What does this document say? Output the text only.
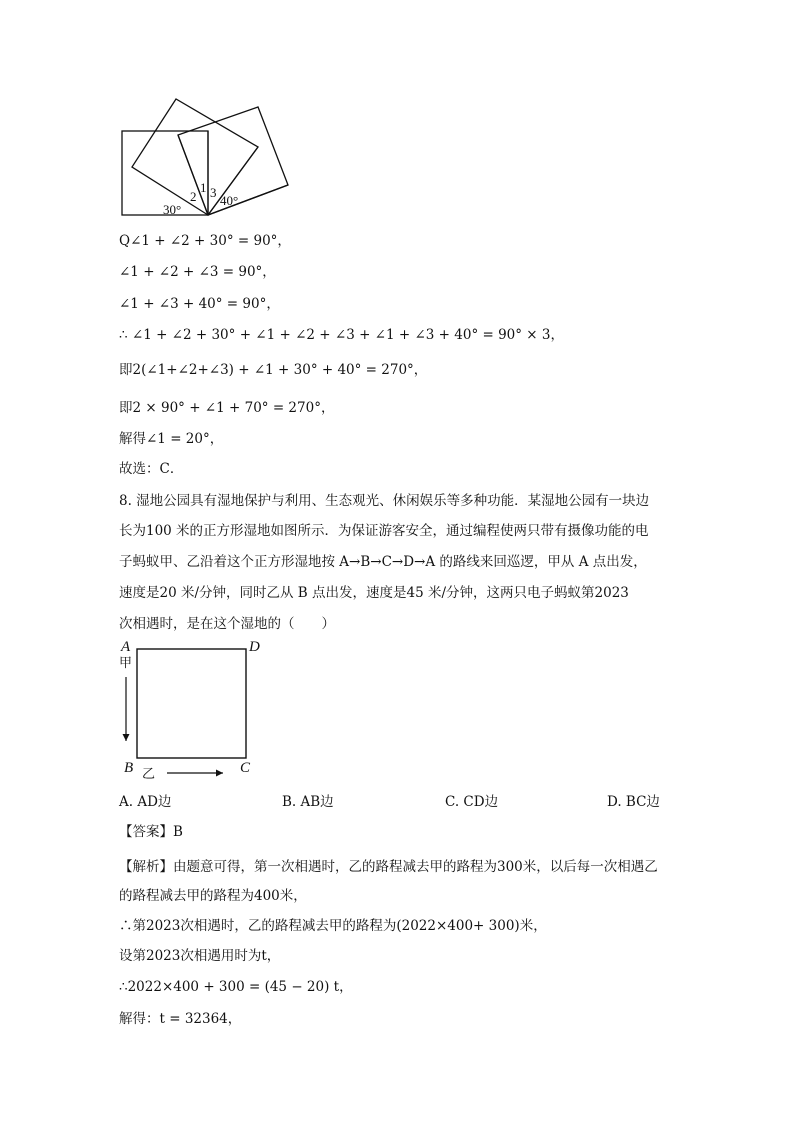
1
2 3
30°
40°
Q∠1 + ∠2 + 30° = 90°，
∠1 + ∠2 + ∠3 = 90°，
∠1 + ∠3 + 40° = 90°，
∴ ∠1 + ∠2 + 30° + ∠1 + ∠2 + ∠3 + ∠1 + ∠3 + 40° = 90° × 3，
即2(∠1+∠2+∠3) + ∠1 + 30° + 40° = 270°，
即2 × 90° + ∠1 + 70° = 270°，
解得∠1 = 20°，
故选：C．
8. 湿地公园具有湿地保护与利用、生态观光、休闲娱乐等多种功能．某湿地公园有一块边
长为100 米的正方形湿地如图所示．为保证游客安全，通过编程使两只带有摄像功能的电
子蚂蚁甲、乙沿着这个正方形湿地按 A→B→C→D→A 的路线来回巡逻，甲从 A 点出发，
速度是20 米/分钟，同时乙从 B 点出发，速度是45 米/分钟，这两只电子蚂蚁第2023
次相遇时，是在这个湿地的（　　）
A	D
B	C
甲
乙
A. AD边	B. AB边	C. CD边	D. BC边
【答案】B
【解析】由题意可得，第一次相遇时，乙的路程减去甲的路程为300米，以后每一次相遇乙
的路程减去甲的路程为400米，
∴第2023次相遇时，乙的路程减去甲的路程为(2022×400+ 300)米，
设第2023次相遇用时为t，
∴2022×400 + 300 = (45 − 20) t，
解得：t = 32364，
